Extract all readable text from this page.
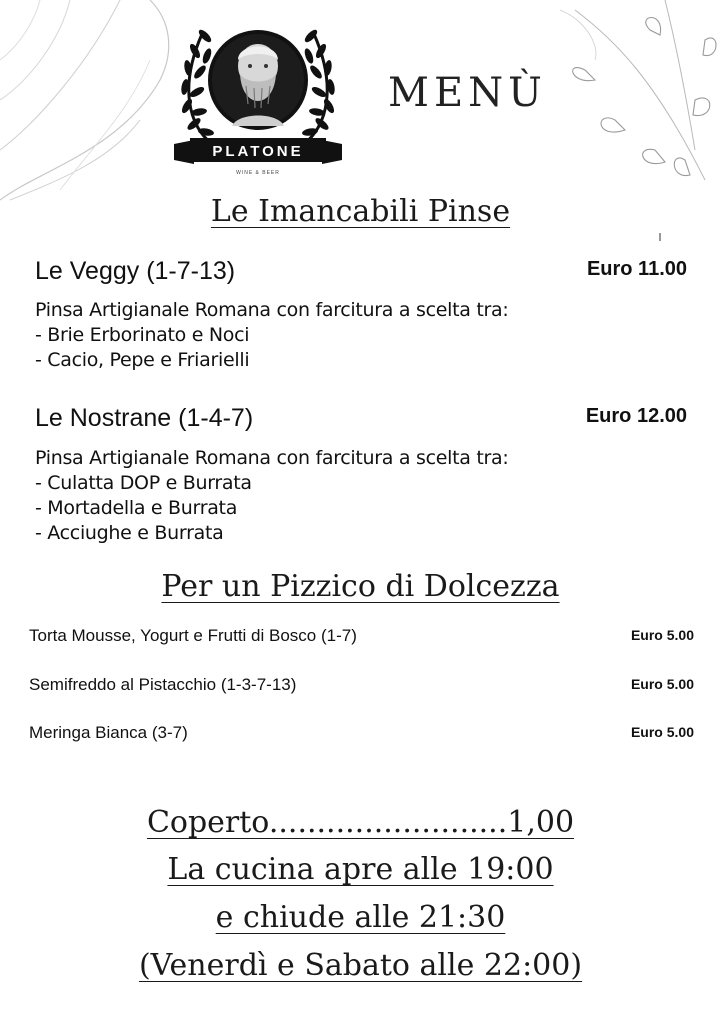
PLATONE
WINE & BEER
MENÙ
Le Imancabili Pinse
Le Veggy (1-7-13)	Euro 11.00
Pinsa Artigianale Romana con farcitura a scelta tra:
- Brie Erborinato e Noci
- Cacio, Pepe e Friarielli
Le Nostrane (1-4-7)	Euro 12.00
Pinsa Artigianale Romana con farcitura a scelta tra:
- Culatta DOP e Burrata
- Mortadella e Burrata
- Acciughe e Burrata
Per un Pizzico di Dolcezza
Torta Mousse, Yogurt e Frutti di Bosco (1-7)	Euro 5.00
Semifreddo al Pistacchio (1-3-7-13)	Euro 5.00
Meringa Bianca (3-7)	Euro 5.00
Coperto.........................1,00
La cucina apre alle 19:00
e chiude alle 21:30
(Venerdì e Sabato alle 22:00)
